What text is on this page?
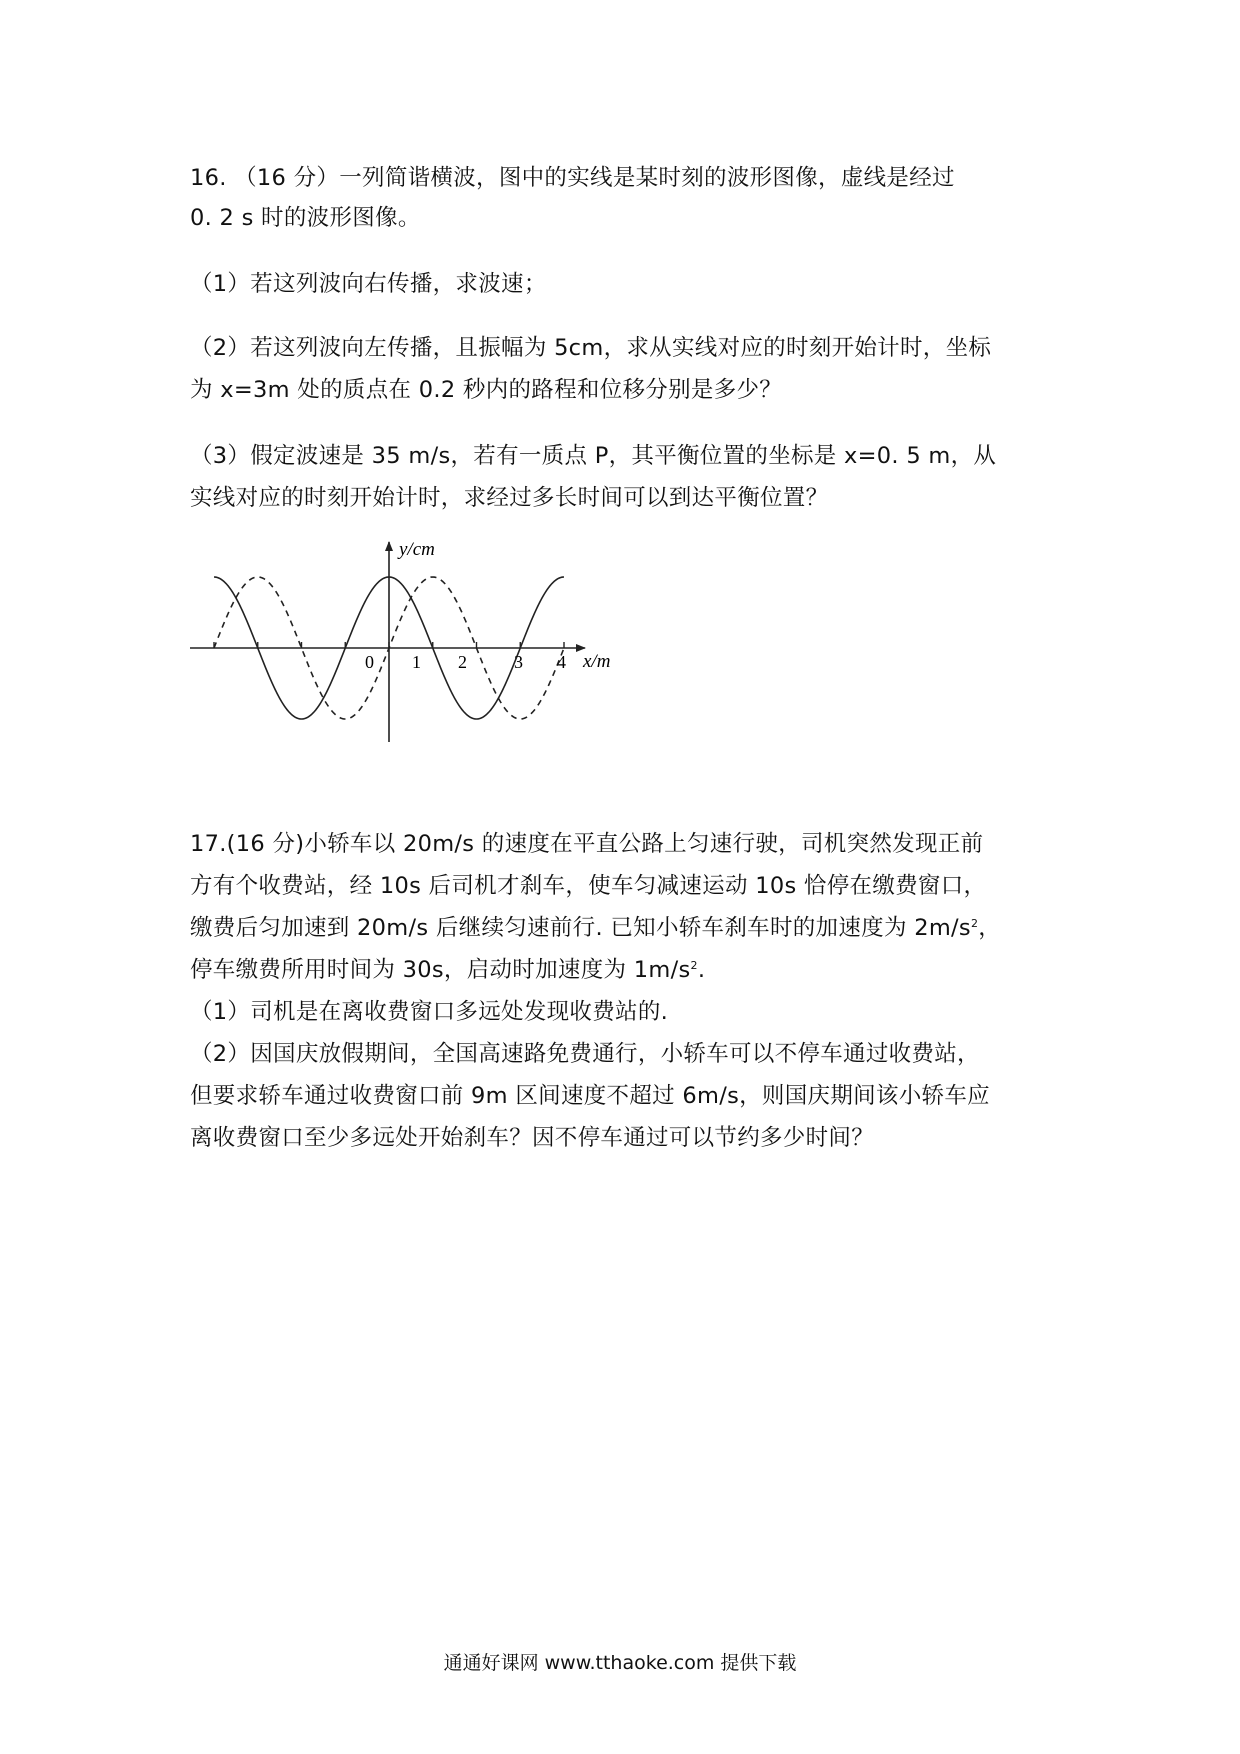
16. （16 分）一列简谐横波，图中的实线是某时刻的波形图像，虚线是经过
0. 2 s 时的波形图像。
（1）若这列波向右传播，求波速；
（2）若这列波向左传播，且振幅为 5cm，求从实线对应的时刻开始计时，坐标
为 x=3m 处的质点在 0.2 秒内的路程和位移分别是多少？
（3）假定波速是 35 m/s，若有一质点 P，其平衡位置的坐标是 x=0. 5 m，从
实线对应的时刻开始计时，求经过多长时间可以到达平衡位置？
0 1 2	3 4
y/cm
x/m
17.(16 分)小轿车以 20m/s 的速度在平直公路上匀速行驶，司机突然发现正前
方有个收费站，经 10s 后司机才刹车，使车匀减速运动 10s 恰停在缴费窗口，
缴费后匀加速到 20m/s 后继续匀速前行. 已知小轿车刹车时的加速度为 $2m/s^2$，
停车缴费所用时间为 30s，启动时加速度为 $1m/s^2$.
（1）司机是在离收费窗口多远处发现收费站的.
（2）因国庆放假期间，全国高速路免费通行，小轿车可以不停车通过收费站，
但要求轿车通过收费窗口前 9m 区间速度不超过 6m/s，则国庆期间该小轿车应
离收费窗口至少多远处开始刹车？因不停车通过可以节约多少时间？
通通好课网 www.tthaoke.com 提供下载
